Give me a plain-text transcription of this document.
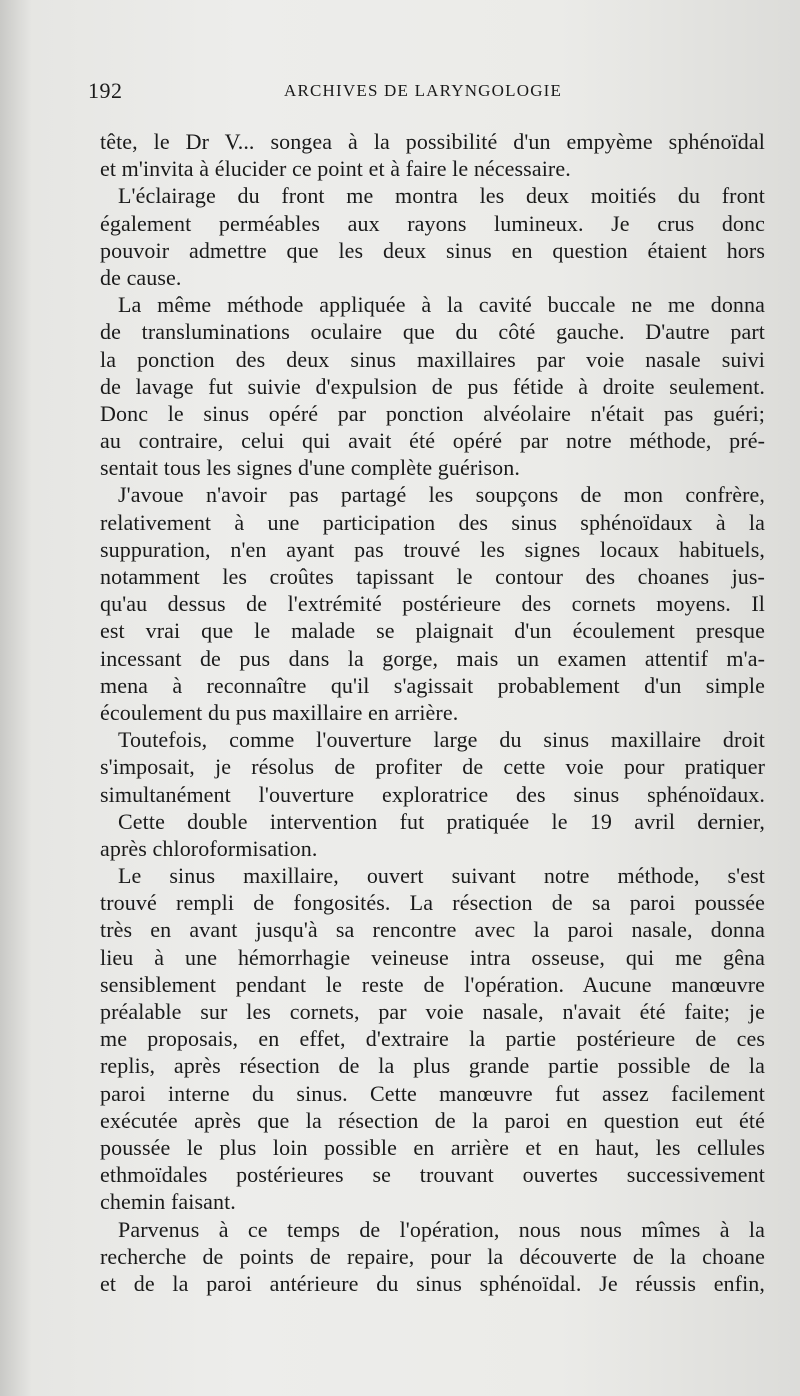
192	ARCHIVES DE LARYNGOLOGIE
tête, le Dr V... songea à la possibilité d'un empyème sphénoïdal
et m'invita à élucider ce point et à faire le nécessaire.
L'éclairage du front me montra les deux moitiés du front
également perméables aux rayons lumineux. Je crus donc
pouvoir admettre que les deux sinus en question étaient hors
de cause.
La même méthode appliquée à la cavité buccale ne me donna
de transluminations oculaire que du côté gauche. D'autre part
la ponction des deux sinus maxillaires par voie nasale suivi
de lavage fut suivie d'expulsion de pus fétide à droite seulement.
Donc le sinus opéré par ponction alvéolaire n'était pas guéri;
au contraire, celui qui avait été opéré par notre méthode, pré-
sentait tous les signes d'une complète guérison.
J'avoue n'avoir pas partagé les soupçons de mon confrère,
relativement à une participation des sinus sphénoïdaux à la
suppuration, n'en ayant pas trouvé les signes locaux habituels,
notamment les croûtes tapissant le contour des choanes jus-
qu'au dessus de l'extrémité postérieure des cornets moyens. Il
est vrai que le malade se plaignait d'un écoulement presque
incessant de pus dans la gorge, mais un examen attentif m'a-
mena à reconnaître qu'il s'agissait probablement d'un simple
écoulement du pus maxillaire en arrière.
Toutefois, comme l'ouverture large du sinus maxillaire droit
s'imposait, je résolus de profiter de cette voie pour pratiquer
simultanément l'ouverture exploratrice des sinus sphénoïdaux.
Cette double intervention fut pratiquée le 19 avril dernier,
après chloroformisation.
Le sinus maxillaire, ouvert suivant notre méthode, s'est
trouvé rempli de fongosités. La résection de sa paroi poussée
très en avant jusqu'à sa rencontre avec la paroi nasale, donna
lieu à une hémorrhagie veineuse intra osseuse, qui me gêna
sensiblement pendant le reste de l'opération. Aucune manœuvre
préalable sur les cornets, par voie nasale, n'avait été faite; je
me proposais, en effet, d'extraire la partie postérieure de ces
replis, après résection de la plus grande partie possible de la
paroi interne du sinus. Cette manœuvre fut assez facilement
exécutée après que la résection de la paroi en question eut été
poussée le plus loin possible en arrière et en haut, les cellules
ethmoïdales postérieures se trouvant ouvertes successivement
chemin faisant.
Parvenus à ce temps de l'opération, nous nous mîmes à la
recherche de points de repaire, pour la découverte de la choane
et de la paroi antérieure du sinus sphénoïdal. Je réussis enfin,
